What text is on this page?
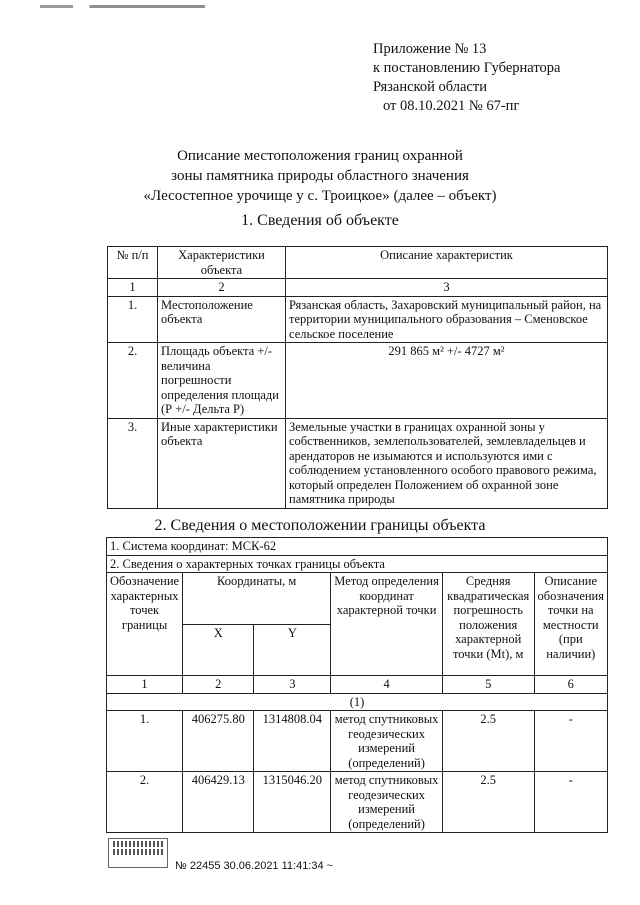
Приложение № 13
к постановлению Губернатора
Рязанской области
от 08.10.2021 № 67-пг
Описание местоположения границ охранной
зоны памятника природы областного значения
«Лесостепное урочище у с. Троицкое» (далее – объект)
1. Сведения об объекте
№ п/п	Характеристики объекта	Описание характеристик
1	2	3
1.	Местоположение объекта	Рязанская область, Захаровский муниципальный район, на территории муниципального образования – Сменовское сельское поселение
2.	Площадь объекта +/- величина погрешности определения площади (Р +/- Дельта Р)	291 865 м² +/- 4727 м²
3.	Иные характеристики объекта	Земельные участки в границах охранной зоны у собственников, землепользователей, землевладельцев и арендаторов не изымаются и используются ими с соблюдением установленного особого правового режима, который определен Положением об охранной зоне памятника природы
2. Сведения о местоположении границы объекта
1. Система координат: МСК-62					
2. Сведения о характерных точках границы объекта					
Обозначение характерных точек границы	Координаты, м		Метод определения координат характерной точки	Средняя квадратическая погрешность положения характерной точки (Mt), м	Описание обозначения точки на местности (при наличии)
	X	Y			
1	2	3	4	5	6
(1)					
1.	406275.80	1314808.04	метод спутниковых геодезических измерений (определений)	2.5	-
2.	406429.13	1315046.20	метод спутниковых геодезических измерений (определений)	2.5	-
№ 22455 30.06.2021 11:41:34 ~
